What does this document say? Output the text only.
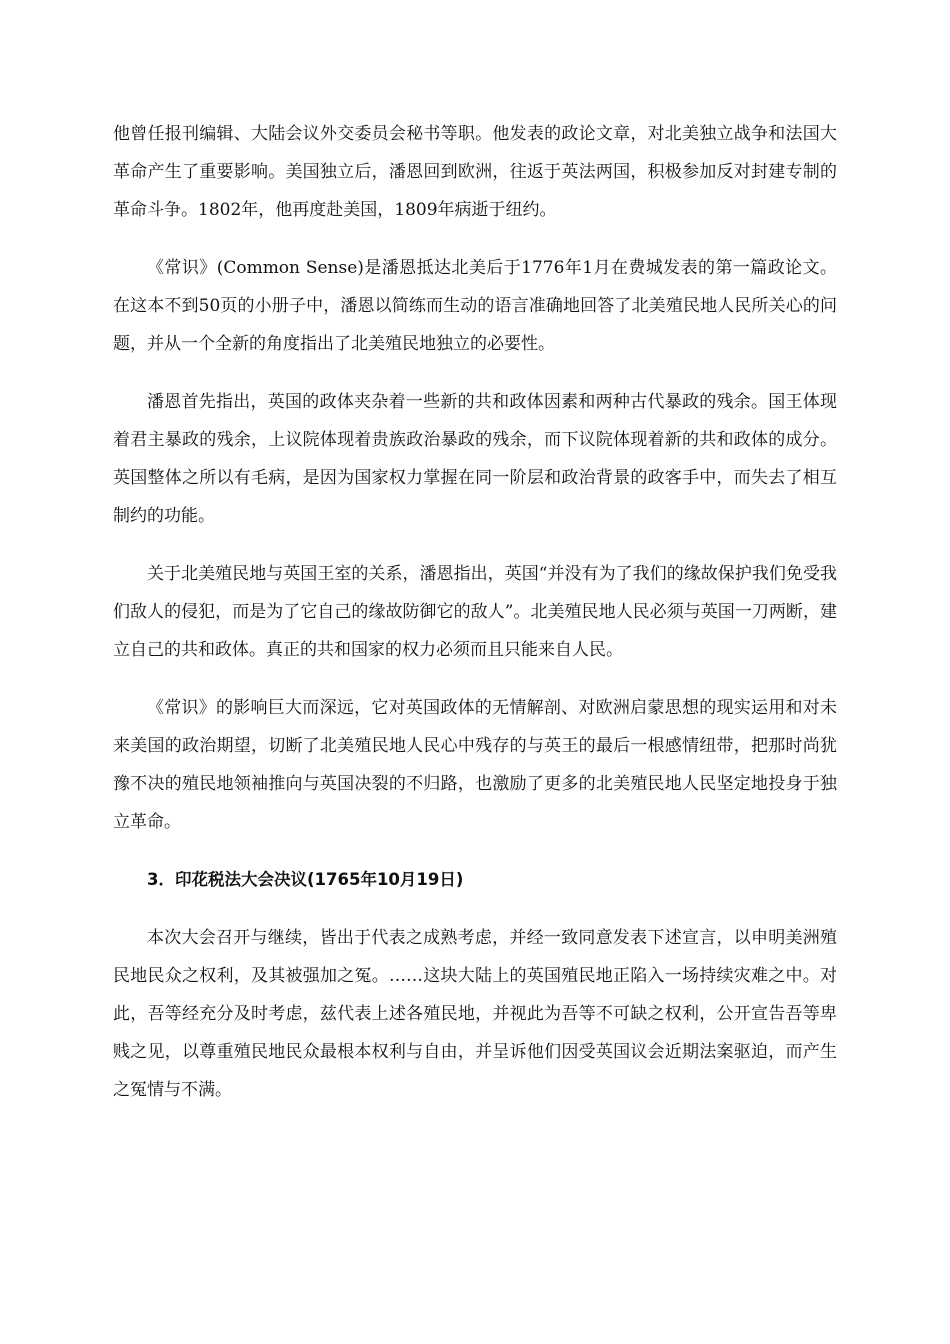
他曾任报刊编辑、大陆会议外交委员会秘书等职。他发表的政论文章，对北美独立战争和法国大革命产生了重要影响。美国独立后，潘恩回到欧洲，往返于英法两国，积极参加反对封建专制的革命斗争。1802年，他再度赴美国，1809年病逝于纽约。

《常识》(Common Sense)是潘恩抵达北美后于1776年1月在费城发表的第一篇政论文。在这本不到50页的小册子中，潘恩以简练而生动的语言准确地回答了北美殖民地人民所关心的问题，并从一个全新的角度指出了北美殖民地独立的必要性。

潘恩首先指出，英国的政体夹杂着一些新的共和政体因素和两种古代暴政的残余。国王体现着君主暴政的残余，上议院体现着贵族政治暴政的残余，而下议院体现着新的共和政体的成分。英国整体之所以有毛病，是因为国家权力掌握在同一阶层和政治背景的政客手中，而失去了相互制约的功能。

关于北美殖民地与英国王室的关系，潘恩指出，英国“并没有为了我们的缘故保护我们免受我们敌人的侵犯，而是为了它自己的缘故防御它的敌人”。北美殖民地人民必须与英国一刀两断，建立自己的共和政体。真正的共和国家的权力必须而且只能来自人民。

《常识》的影响巨大而深远，它对英国政体的无情解剖、对欧洲启蒙思想的现实运用和对未来美国的政治期望，切断了北美殖民地人民心中残存的与英王的最后一根感情纽带，把那时尚犹豫不决的殖民地领袖推向与英国决裂的不归路，也激励了更多的北美殖民地人民坚定地投身于独立革命。

3．印花税法大会决议(1765年10月19日)

本次大会召开与继续，皆出于代表之成熟考虑，并经一致同意发表下述宣言，以申明美洲殖民地民众之权利，及其被强加之冤。……这块大陆上的英国殖民地正陷入一场持续灾难之中。对此，吾等经充分及时考虑，兹代表上述各殖民地，并视此为吾等不可缺之权利，公开宣告吾等卑贱之见，以尊重殖民地民众最根本权利与自由，并呈诉他们因受英国议会近期法案驱迫，而产生之冤情与不满。
